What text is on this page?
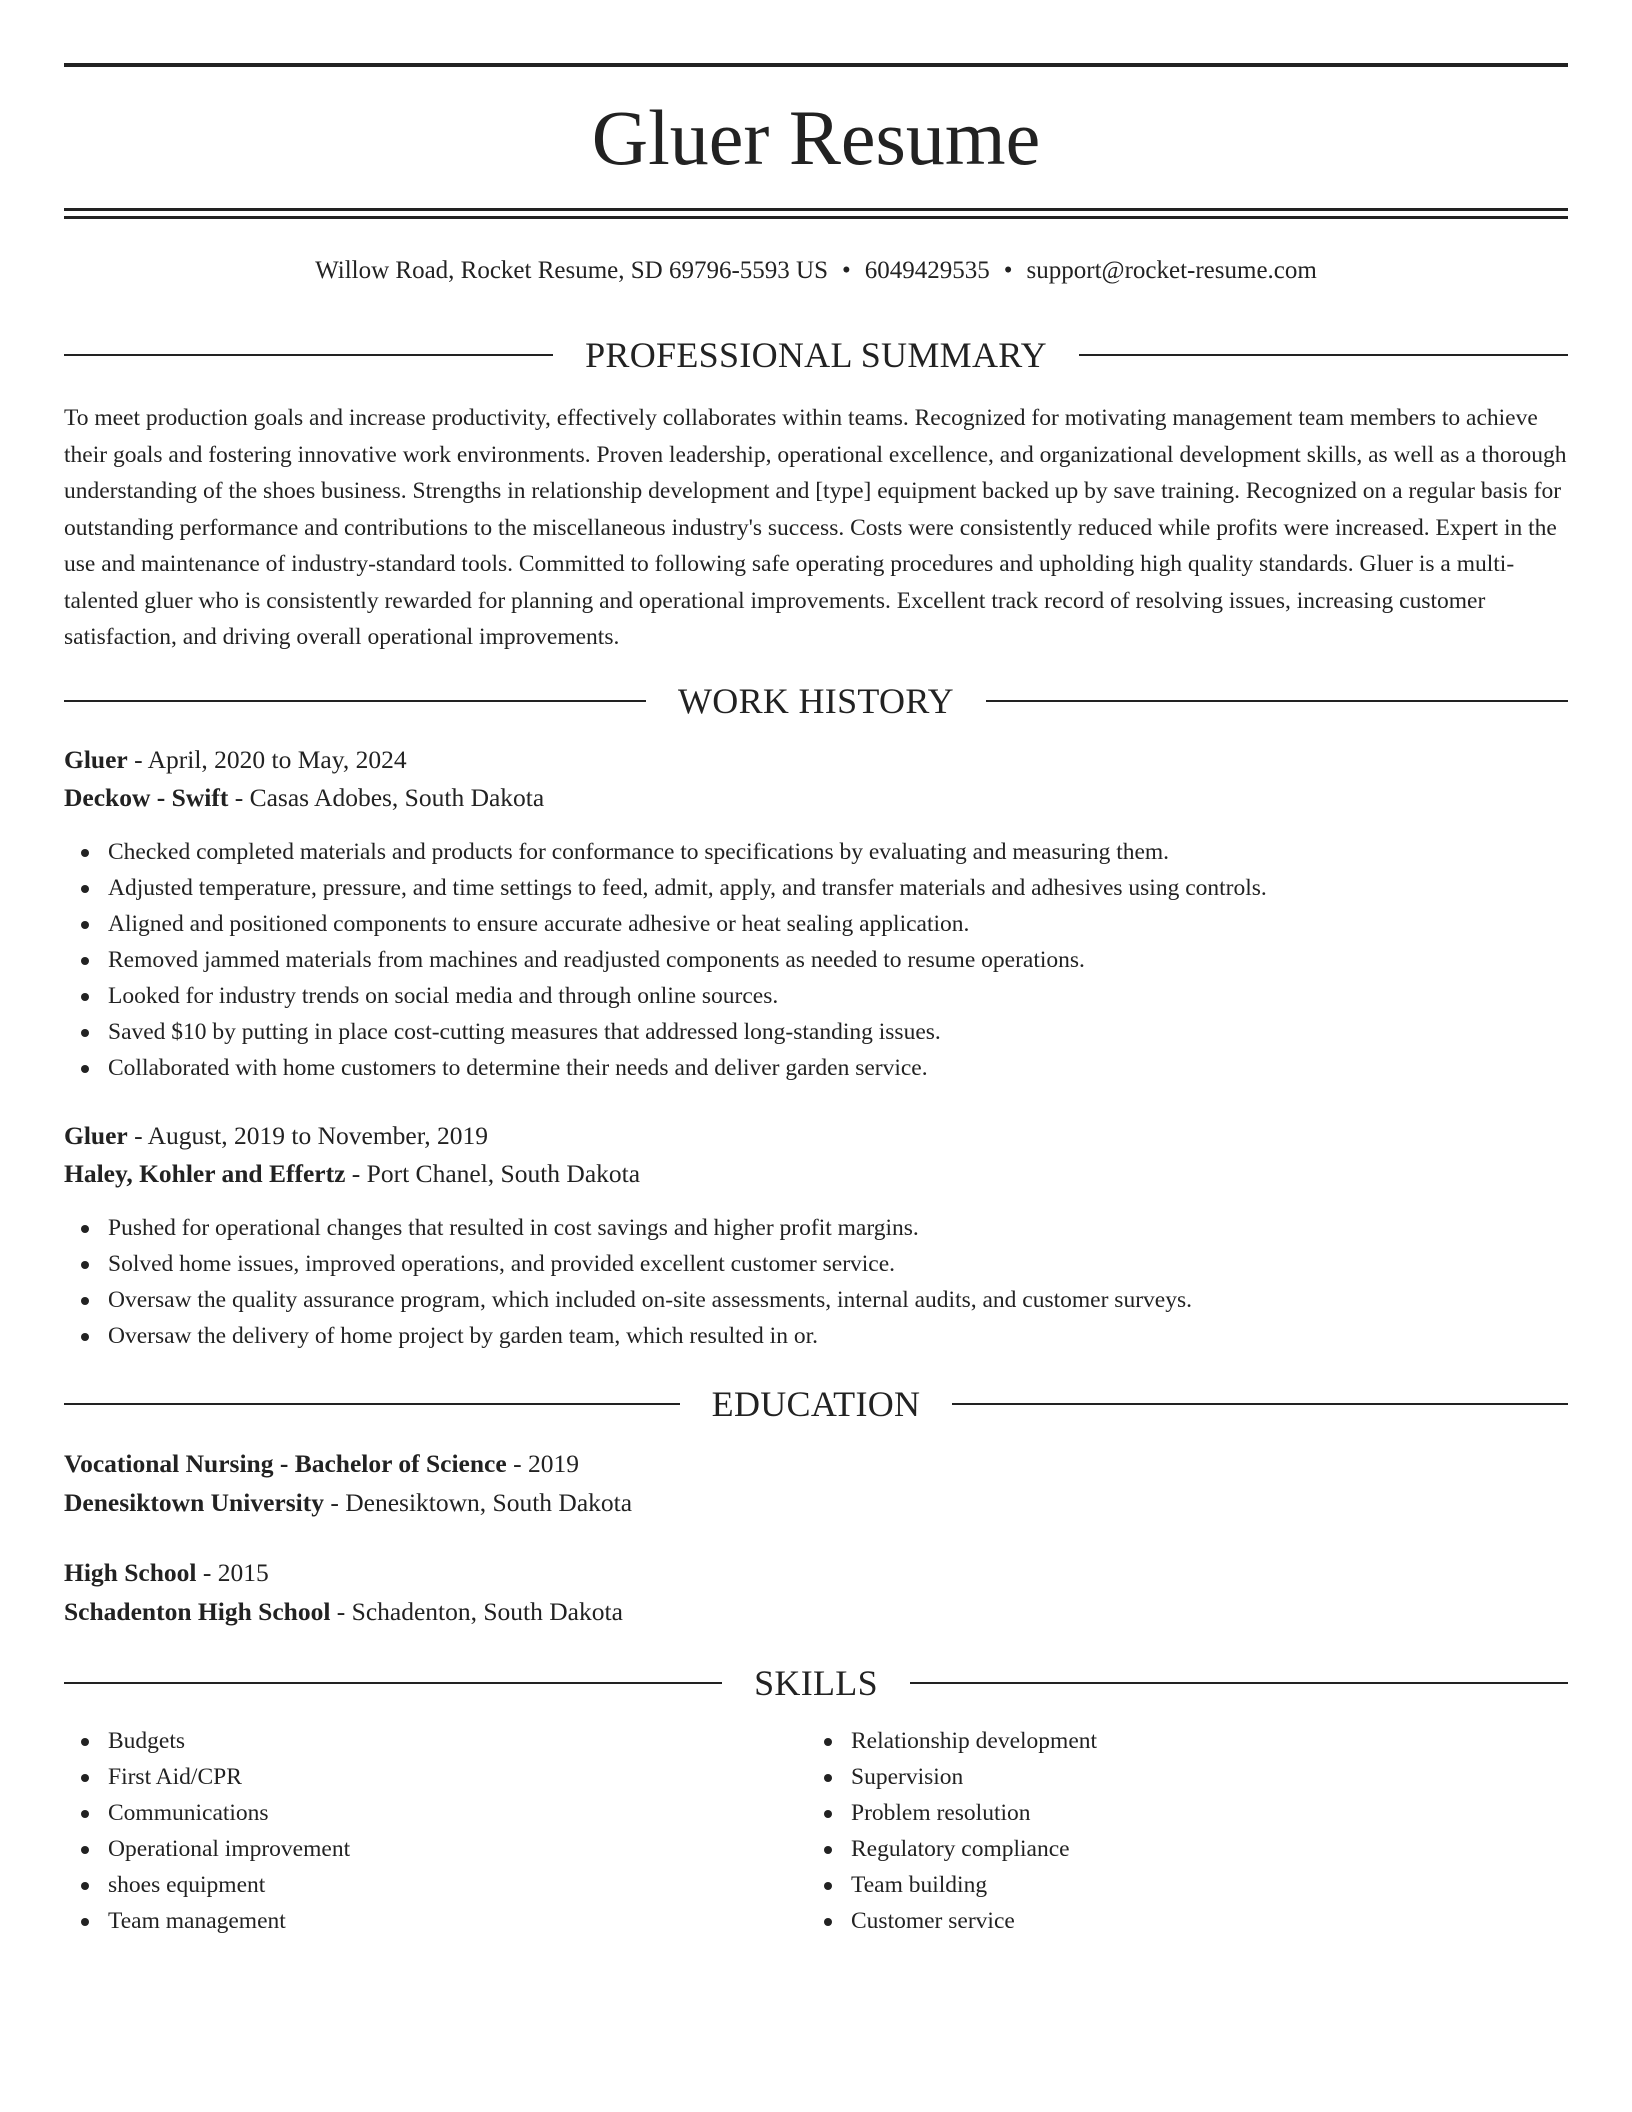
Gluer Resume
Willow Road, Rocket Resume, SD 69796-5593 US • 6049429535 • support@rocket-resume.com
PROFESSIONAL SUMMARY

To meet production goals and increase productivity, effectively collaborates within teams. Recognized for motivating management team members to achieve their goals and fostering innovative work environments. Proven leadership, operational excellence, and organizational development skills, as well as a thorough understanding of the shoes business. Strengths in relationship development and [type] equipment backed up by save training. Recognized on a regular basis for outstanding performance and contributions to the miscellaneous industry's success. Costs were consistently reduced while profits were increased. Expert in the use and maintenance of industry-standard tools. Committed to following safe operating procedures and upholding high quality standards. Gluer is a multi-talented gluer who is consistently rewarded for planning and operational improvements. Excellent track record of resolving issues, increasing customer satisfaction, and driving overall operational improvements.

WORK HISTORY
Gluer - April, 2020 to May, 2024
Deckow - Swift - Casas Adobes, South Dakota
Checked completed materials and products for conformance to specifications by evaluating and measuring them.
Adjusted temperature, pressure, and time settings to feed, admit, apply, and transfer materials and adhesives using controls.
Aligned and positioned components to ensure accurate adhesive or heat sealing application.
Removed jammed materials from machines and readjusted components as needed to resume operations.
Looked for industry trends on social media and through online sources.
Saved $10 by putting in place cost-cutting measures that addressed long-standing issues.
Collaborated with home customers to determine their needs and deliver garden service.
Gluer - August, 2019 to November, 2019
Haley, Kohler and Effertz - Port Chanel, South Dakota
Pushed for operational changes that resulted in cost savings and higher profit margins.
Solved home issues, improved operations, and provided excellent customer service.
Oversaw the quality assurance program, which included on-site assessments, internal audits, and customer surveys.
Oversaw the delivery of home project by garden team, which resulted in or.
EDUCATION
Vocational Nursing - Bachelor of Science - 2019
Denesiktown University - Denesiktown, South Dakota
High School - 2015
Schadenton High School - Schadenton, South Dakota
SKILLS
Budgets
First Aid/CPR
Communications
Operational improvement
shoes equipment
Team management
Relationship development
Supervision
Problem resolution
Regulatory compliance
Team building
Customer service
